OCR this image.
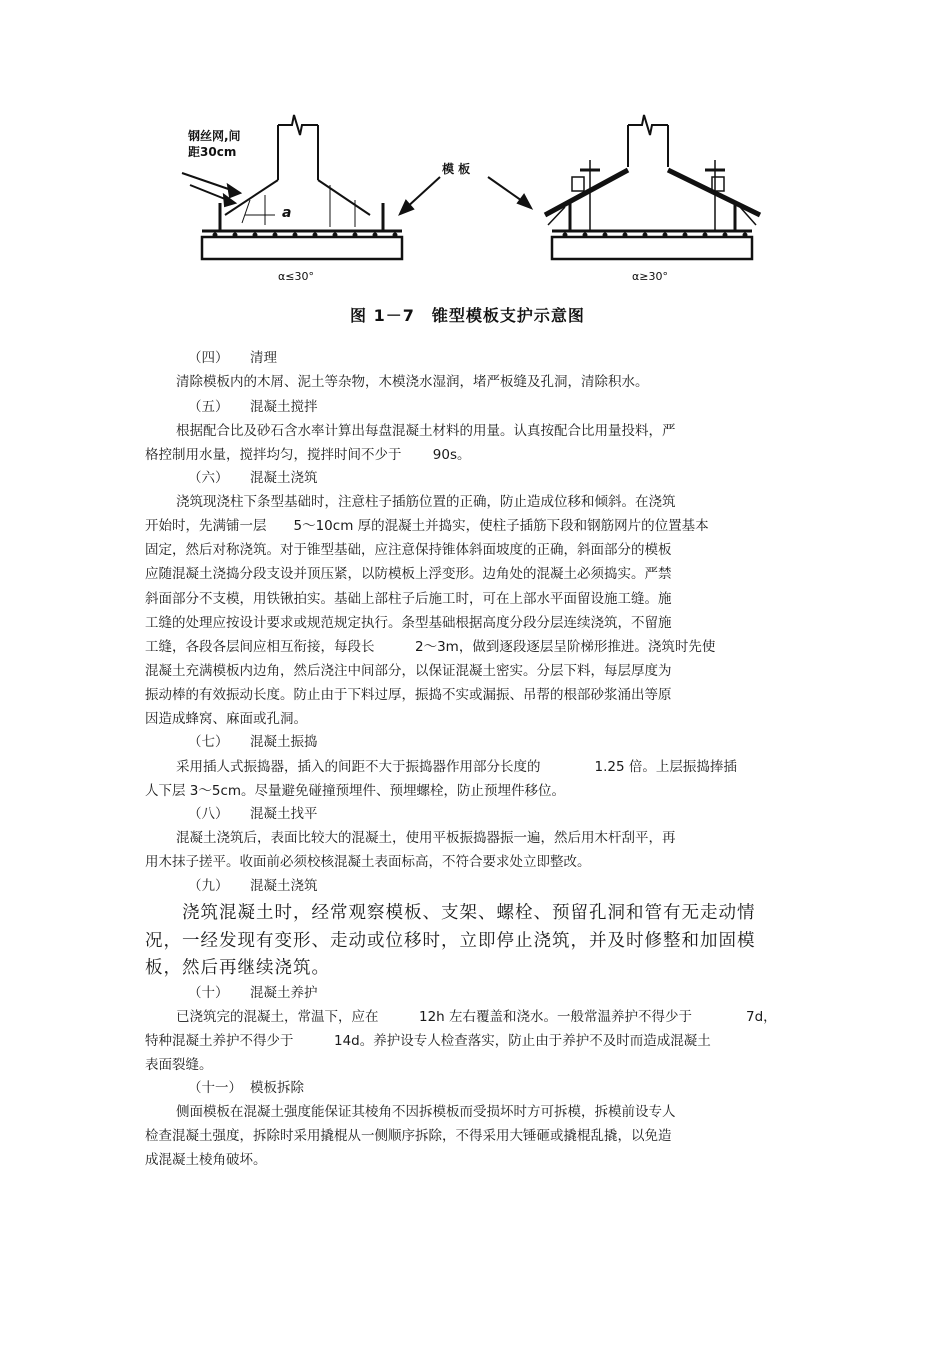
钢丝网,间
距30cm
a
模 板
α≤30°	α≥30°
图 1－7　锥型模板支护示意图
（四） 清理
清除模板内的木屑、泥土等杂物，木模浇水湿润，堵严板缝及孔洞，清除积水。
（五） 混凝土搅拌
根据配合比及砂石含水率计算出每盘混凝土材料的用量。认真按配合比用量投料，严
格控制用水量，搅拌均匀，搅拌时间不少于　　 90s。
（六） 混凝土浇筑
浇筑现浇柱下条型基础时，注意柱子插筋位置的正确，防止造成位移和倾斜。在浇筑
开始时，先满铺一层　　5～10cm 厚的混凝土并捣实，使柱子插筋下段和钢筋网片的位置基本
固定，然后对称浇筑。对于锥型基础，应注意保持锥体斜面坡度的正确，斜面部分的模板
应随混凝土浇捣分段支设并顶压紧，以防模板上浮变形。边角处的混凝土必须捣实。严禁
斜面部分不支模，用铁锹拍实。基础上部柱子后施工时，可在上部水平面留设施工缝。施
工缝的处理应按设计要求或规范规定执行。条型基础根据高度分段分层连续浇筑，不留施
工缝，各段各层间应相互衔接，每段长　　　2～3m，做到逐段逐层呈阶梯形推进。浇筑时先使
混凝土充满模板内边角，然后浇注中间部分，以保证混凝土密实。分层下料，每层厚度为
振动棒的有效振动长度。防止由于下料过厚，振捣不实或漏振、吊帮的根部砂浆涌出等原
因造成蜂窝、麻面或孔洞。
（七） 混凝土振捣
采用插人式振捣器，插入的间距不大于振捣器作用部分长度的　　　　1.25 倍。上层振捣捧插
人下层 3～5cm。尽量避免碰撞预埋件、预埋螺栓，防止预埋件移位。
（八） 混凝土找平
混凝土浇筑后，表面比较大的混凝土，使用平板振捣器振一遍，然后用木杆刮平，再
用木抹子搓平。收面前必须校核混凝土表面标高，不符合要求处立即整改。
（九） 混凝土浇筑
浇筑混凝土时，经常观察模板、支架、螺栓、预留孔洞和管有无走动情
况，一经发现有变形、走动或位移时，立即停止浇筑，并及时修整和加固模
板，然后再继续浇筑。
（十） 混凝土养护
已浇筑完的混凝土，常温下，应在　　　12h 左右覆盖和浇水。一般常温养护不得少于　　　　7d，
特种混凝土养护不得少于　　　14d。养护设专人检查落实，防止由于养护不及时而造成混凝土
表面裂缝。
（十一） 模板拆除
侧面模板在混凝土强度能保证其棱角不因拆模板而受损坏时方可拆模，拆模前设专人
检查混凝土强度，拆除时采用撬棍从一侧顺序拆除，不得采用大锤砸或撬棍乱撬，以免造
成混凝土棱角破坏。
